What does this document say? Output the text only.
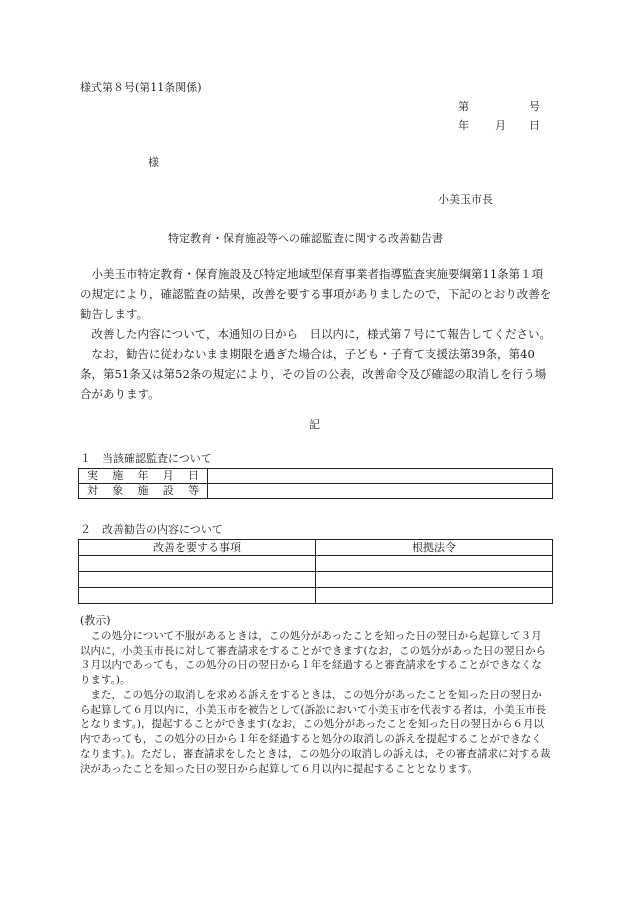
様式第８号(第11条関係)
第	号
年 月 日
様
小美玉市長
特定教育・保育施設等への確認監査に関する改善勧告書
小美玉市特定教育・保育施設及び特定地域型保育事業者指導監査実施要綱第11条第１項の規定により，確認監査の結果，改善を要する事項がありましたので，下記のとおり改善を勧告します。
改善した内容について，本通知の日から　日以内に，様式第７号にて報告してください。
なお，勧告に従わないまま期限を過ぎた場合は，子ども・子育て支援法第39条，第40条，第51条又は第52条の規定により，その旨の公表，改善命令及び確認の取消しを行う場合があります。
記
１　当該確認監査について
実施年月日	
対象施設等	
２　改善勧告の内容について
改善を要する事項	根拠法令

(教示)
この処分について不服があるときは，この処分があったことを知った日の翌日から起算して３月以内に，小美玉市長に対して審査請求をすることができます(なお，この処分があった日の翌日から３月以内であっても，この処分の日の翌日から１年を経過すると審査請求をすることができなくなります。)。
また，この処分の取消しを求める訴えをするときは，この処分があったことを知った日の翌日から起算して６月以内に，小美玉市を被告として(訴訟において小美玉市を代表する者は，小美玉市長となります。)，提起することができます(なお，この処分があったことを知った日の翌日から６月以内であっても，この処分の日から１年を経過すると処分の取消しの訴えを提起することができなくなります。)。ただし，審査請求をしたときは，この処分の取消しの訴えは，その審査請求に対する裁決があったことを知った日の翌日から起算して６月以内に提起することとなります。
